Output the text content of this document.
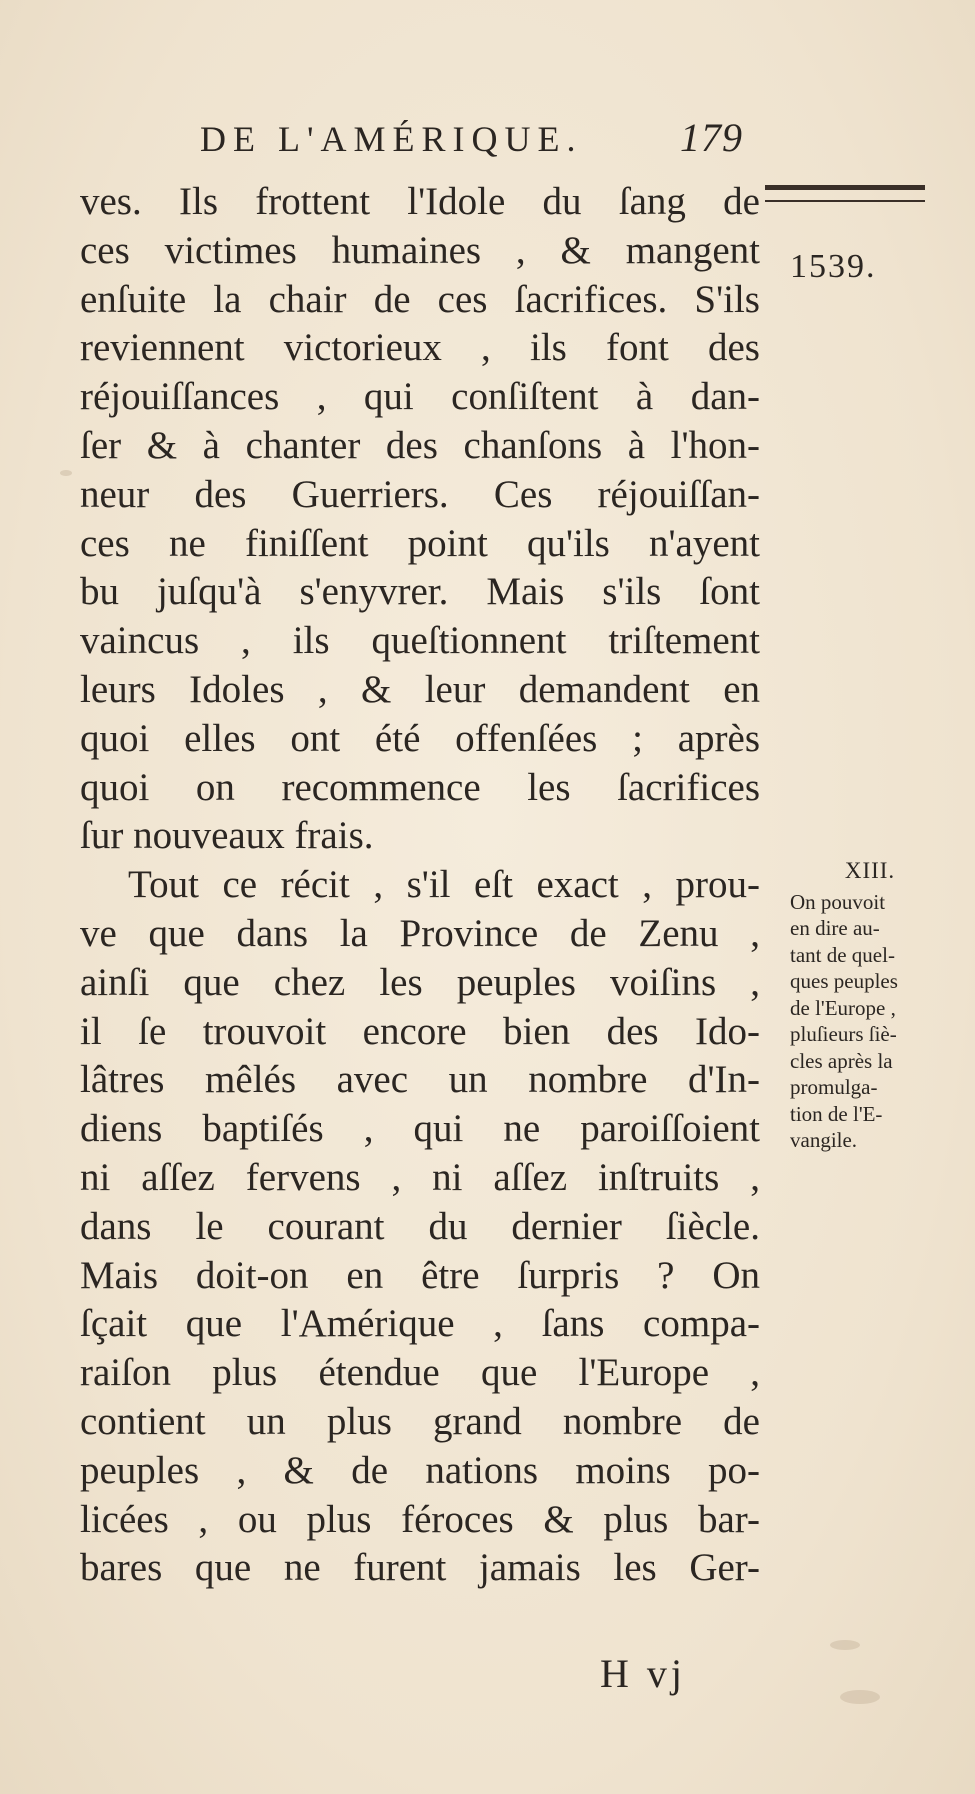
DE L'AMÉRIQUE. 179
1539.
ves. Ils frottent l'Idole du ſang de
ces victimes humaines , & mangent
enſuite la chair de ces ſacrifices. S'ils
reviennent victorieux , ils font des
réjouiſſances , qui conſiſtent à dan-
ſer & à chanter des chanſons à l'hon-
neur des Guerriers. Ces réjouiſſan-
ces ne finiſſent point qu'ils n'ayent
bu juſqu'à s'enyvrer. Mais s'ils ſont
vaincus , ils queſtionnent triſtement
leurs Idoles , & leur demandent en
quoi elles ont été offenſées ; après
quoi on recommence les ſacrifices
ſur nouveaux frais.
Tout ce récit , s'il eſt exact , prou-
ve que dans la Province de Zenu ,
ainſi que chez les peuples voiſins ,
il ſe trouvoit encore bien des Ido-
lâtres mêlés avec un nombre d'In-
diens baptiſés , qui ne paroiſſoient
ni aſſez fervens , ni aſſez inſtruits ,
dans le courant du dernier ſiècle.
Mais doit-on en être ſurpris ? On
ſçait que l'Amérique , ſans compa-
raiſon plus étendue que l'Europe ,
contient un plus grand nombre de
peuples , & de nations moins po-
licées , ou plus féroces & plus bar-
bares que ne furent jamais les Ger-
XIII.
On pouvoit
en dire au-
tant de quel-
ques peuples
de l'Europe ,
pluſieurs ſiè-
cles après la
promulga-
tion de l'E-
vangile.
H vj
